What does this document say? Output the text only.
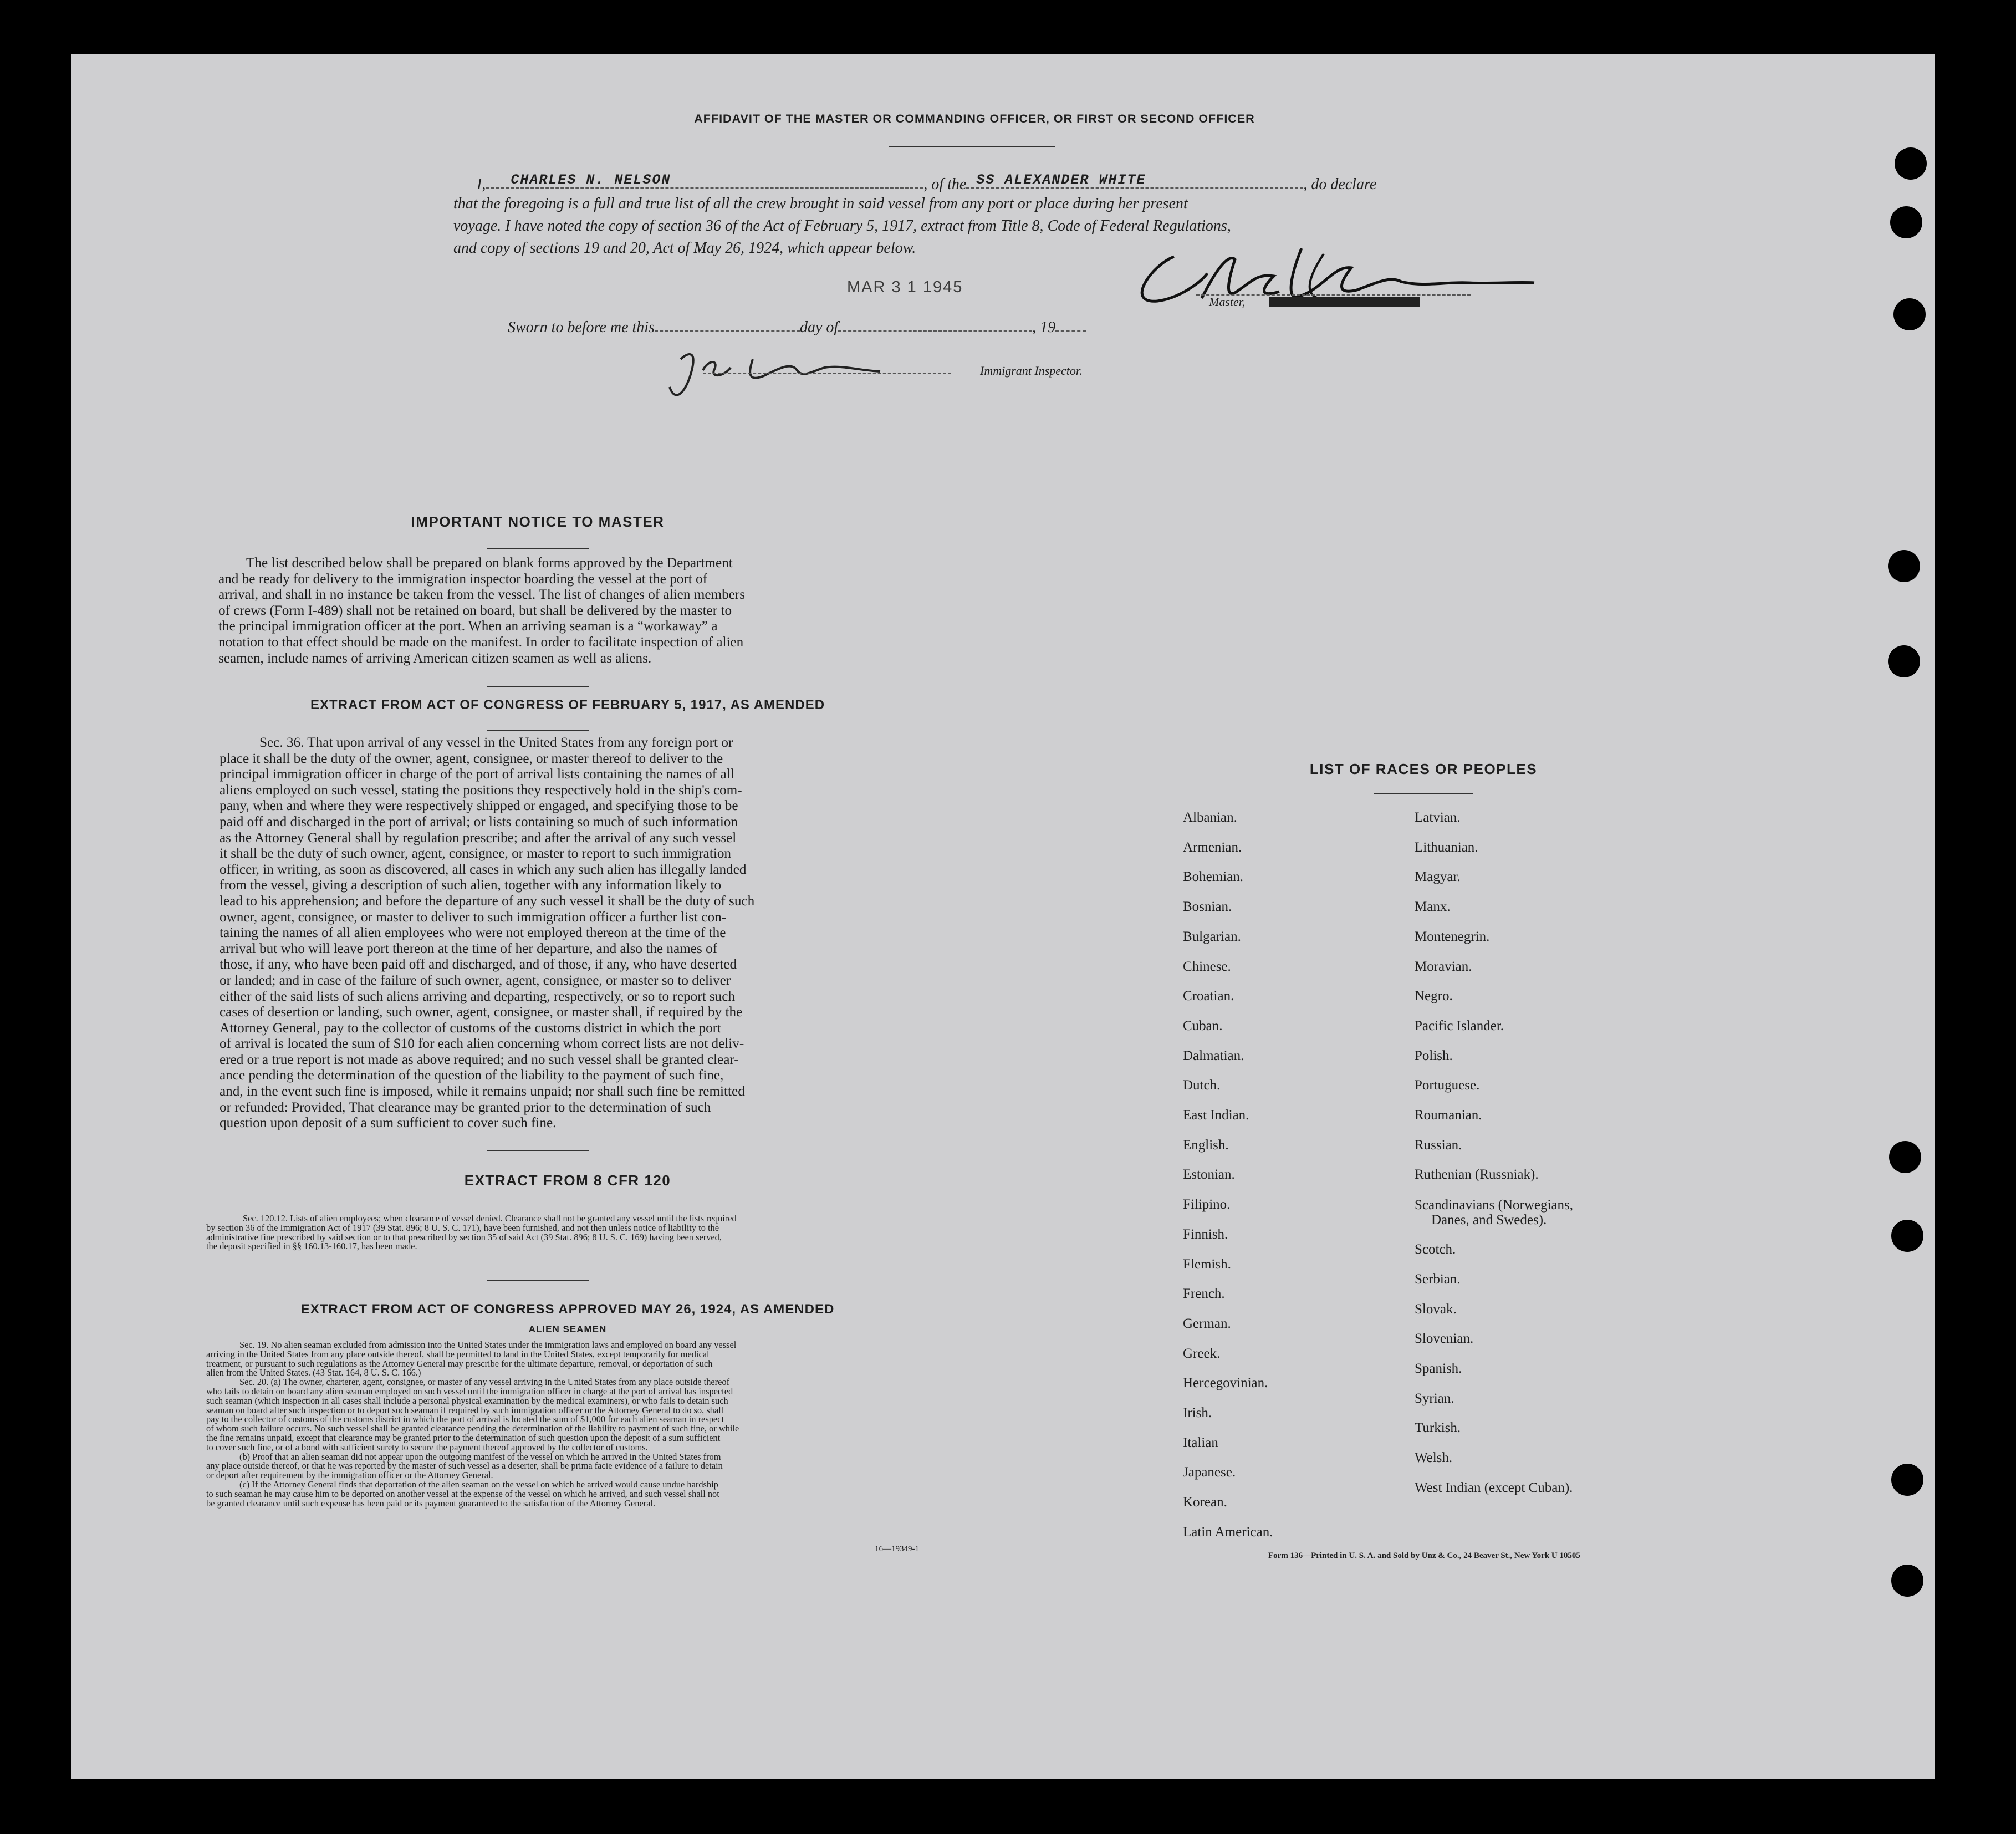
AFFIDAVIT OF THE MASTER OR COMMANDING OFFICER, OR FIRST OR SECOND OFFICER
I, CHARLES N. NELSON	, of the SS ALEXANDER WHITE	, do declare
that the foregoing is a full and true list of all the crew brought in said vessel from any port or place during her present
voyage. I have noted the copy of section 36 of the Act of February 5, 1917, extract from Title 8, Code of Federal Regulations,
and copy of sections 19 and 20, Act of May 26, 1924, which appear below.
MAR 3 1 1945
Master,
Sworn to before me this	day of	, 19
Immigrant Inspector.
IMPORTANT NOTICE TO MASTER
The list described below shall be prepared on blank forms approved by the Department
and be ready for delivery to the immigration inspector boarding the vessel at the port of
arrival, and shall in no instance be taken from the vessel. The list of changes of alien members
of crews (Form I-489) shall not be retained on board, but shall be delivered by the master to
the principal immigration officer at the port. When an arriving seaman is a “workaway” a
notation to that effect should be made on the manifest. In order to facilitate inspection of alien
seamen, include names of arriving American citizen seamen as well as aliens.
EXTRACT FROM ACT OF CONGRESS OF FEBRUARY 5, 1917, AS AMENDED
Sec. 36. That upon arrival of any vessel in the United States from any foreign port or
place it shall be the duty of the owner, agent, consignee, or master thereof to deliver to the
principal immigration officer in charge of the port of arrival lists containing the names of all
aliens employed on such vessel, stating the positions they respectively hold in the ship's com-
pany, when and where they were respectively shipped or engaged, and specifying those to be
paid off and discharged in the port of arrival; or lists containing so much of such information
as the Attorney General shall by regulation prescribe; and after the arrival of any such vessel
it shall be the duty of such owner, agent, consignee, or master to report to such immigration
officer, in writing, as soon as discovered, all cases in which any such alien has illegally landed
from the vessel, giving a description of such alien, together with any information likely to
lead to his apprehension; and before the departure of any such vessel it shall be the duty of such
owner, agent, consignee, or master to deliver to such immigration officer a further list con-
taining the names of all alien employees who were not employed thereon at the time of the
arrival but who will leave port thereon at the time of her departure, and also the names of
those, if any, who have been paid off and discharged, and of those, if any, who have deserted
or landed; and in case of the failure of such owner, agent, consignee, or master so to deliver
either of the said lists of such aliens arriving and departing, respectively, or so to report such
cases of desertion or landing, such owner, agent, consignee, or master shall, if required by the
Attorney General, pay to the collector of customs of the customs district in which the port
of arrival is located the sum of $10 for each alien concerning whom correct lists are not deliv-
ered or a true report is not made as above required; and no such vessel shall be granted clear-
ance pending the determination of the question of the liability to the payment of such fine,
and, in the event such fine is imposed, while it remains unpaid; nor shall such fine be remitted
or refunded: Provided, That clearance may be granted prior to the determination of such
question upon deposit of a sum sufficient to cover such fine.
EXTRACT FROM 8 CFR 120
Sec. 120.12. Lists of alien employees; when clearance of vessel denied. Clearance shall not be granted any vessel until the lists required
by section 36 of the Immigration Act of 1917 (39 Stat. 896; 8 U. S. C. 171), have been furnished, and not then unless notice of liability to the
administrative fine prescribed by said section or to that prescribed by section 35 of said Act (39 Stat. 896; 8 U. S. C. 169) having been served,
the deposit specified in §§ 160.13-160.17, has been made.
EXTRACT FROM ACT OF CONGRESS APPROVED MAY 26, 1924, AS AMENDED
ALIEN SEAMEN
Sec. 19. No alien seaman excluded from admission into the United States under the immigration laws and employed on board any vessel
arriving in the United States from any place outside thereof, shall be permitted to land in the United States, except temporarily for medical
treatment, or pursuant to such regulations as the Attorney General may prescribe for the ultimate departure, removal, or deportation of such
alien from the United States. (43 Stat. 164, 8 U. S. C. 166.)
Sec. 20. (a) The owner, charterer, agent, consignee, or master of any vessel arriving in the United States from any place outside thereof
who fails to detain on board any alien seaman employed on such vessel until the immigration officer in charge at the port of arrival has inspected
such seaman (which inspection in all cases shall include a personal physical examination by the medical examiners), or who fails to detain such
seaman on board after such inspection or to deport such seaman if required by such immigration officer or the Attorney General to do so, shall
pay to the collector of customs of the customs district in which the port of arrival is located the sum of $1,000 for each alien seaman in respect
of whom such failure occurs. No such vessel shall be granted clearance pending the determination of the liability to payment of such fine, or while
the fine remains unpaid, except that clearance may be granted prior to the determination of such question upon the deposit of a sum sufficient
to cover such fine, or of a bond with sufficient surety to secure the payment thereof approved by the collector of customs.
(b) Proof that an alien seaman did not appear upon the outgoing manifest of the vessel on which he arrived in the United States from
any place outside thereof, or that he was reported by the master of such vessel as a deserter, shall be prima facie evidence of a failure to detain
or deport after requirement by the immigration officer or the Attorney General.
(c) If the Attorney General finds that deportation of the alien seaman on the vessel on which he arrived would cause undue hardship
to such seaman he may cause him to be deported on another vessel at the expense of the vessel on which he arrived, and such vessel shall not
be granted clearance until such expense has been paid or its payment guaranteed to the satisfaction of the Attorney General.
16—19349-1
LIST OF RACES OR PEOPLES
Albanian.
Armenian.
Bohemian.
Bosnian.
Bulgarian.
Chinese.
Croatian.
Cuban.
Dalmatian.
Dutch.
East Indian.
English.
Estonian.
Filipino.
Finnish.
Flemish.
French.
German.
Greek.
Hercegovinian.
Irish.
Italian
Japanese.
Korean.
Latin American.
Latvian.
Lithuanian.
Magyar.
Manx.
Montenegrin.
Moravian.
Negro.
Pacific Islander.
Polish.
Portuguese.
Roumanian.
Russian.
Ruthenian (Russniak).
Scandinavians (Norwegians,
Danes, and Swedes).
Scotch.
Serbian.
Slovak.
Slovenian.
Spanish.
Syrian.
Turkish.
Welsh.
West Indian (except Cuban).
Form 136—Printed in U. S. A. and Sold by Unz & Co., 24 Beaver St., New York U 10505
